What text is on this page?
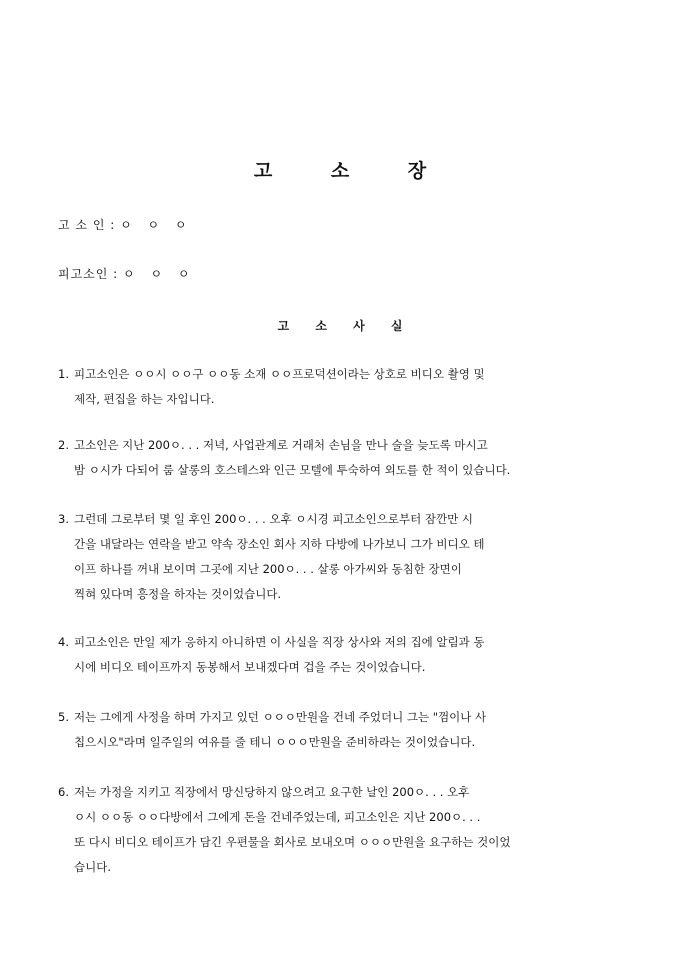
고 소 장
고 소 인 : ㅇ ㅇ ㅇ
피고소인 : ㅇ ㅇ ㅇ
고 소 사 실
1. 피고소인은 ㅇㅇ시 ㅇㅇ구 ㅇㅇ동 소재 ㅇㅇ프로덕션이라는 상호로 비디오 촬영 및
제작, 편집을 하는 자입니다.
2. 고소인은 지난 200ㅇ. . . 저녁, 사업관계로 거래처 손님을 만나 술을 늦도록 마시고
밤 ㅇ시가 다되어 룸 살롱의 호스테스와 인근 모텔에 투숙하여 외도를 한 적이 있습니다.
3. 그런데 그로부터 몇 일 후인 200ㅇ. . . 오후 ㅇ시경 피고소인으로부터 잠깐만 시
간을 내달라는 연락을 받고 약속 장소인 회사 지하 다방에 나가보니 그가 비디오 테
이프 하나를 꺼내 보이며 그곳에 지난 200ㅇ. . . 살롱 아가씨와 동침한 장면이
찍혀 있다며 흥정을 하자는 것이었습니다.
4. 피고소인은 만일 제가 응하지 아니하면 이 사실을 직장 상사와 저의 집에 알림과 동
시에 비디오 테이프까지 동봉해서 보내겠다며 겁을 주는 것이었습니다.
5. 저는 그에게 사정을 하며 가지고 있던 ㅇㅇㅇ만원을 건네 주었더니 그는 "껌이나 사
칩으시오"라며 일주일의 여유를 줄 테니 ㅇㅇㅇ만원을 준비하라는 것이었습니다.
6. 저는 가정을 지키고 직장에서 망신당하지 않으려고 요구한 날인 200ㅇ. . . 오후
ㅇ시 ㅇㅇ동 ㅇㅇ다방에서 그에게 돈을 건네주었는데, 피고소인은 지난 200ㅇ. . .
또 다시 비디오 테이프가 담긴 우편물을 회사로 보내오며 ㅇㅇㅇ만원을 요구하는 것이었
습니다.
